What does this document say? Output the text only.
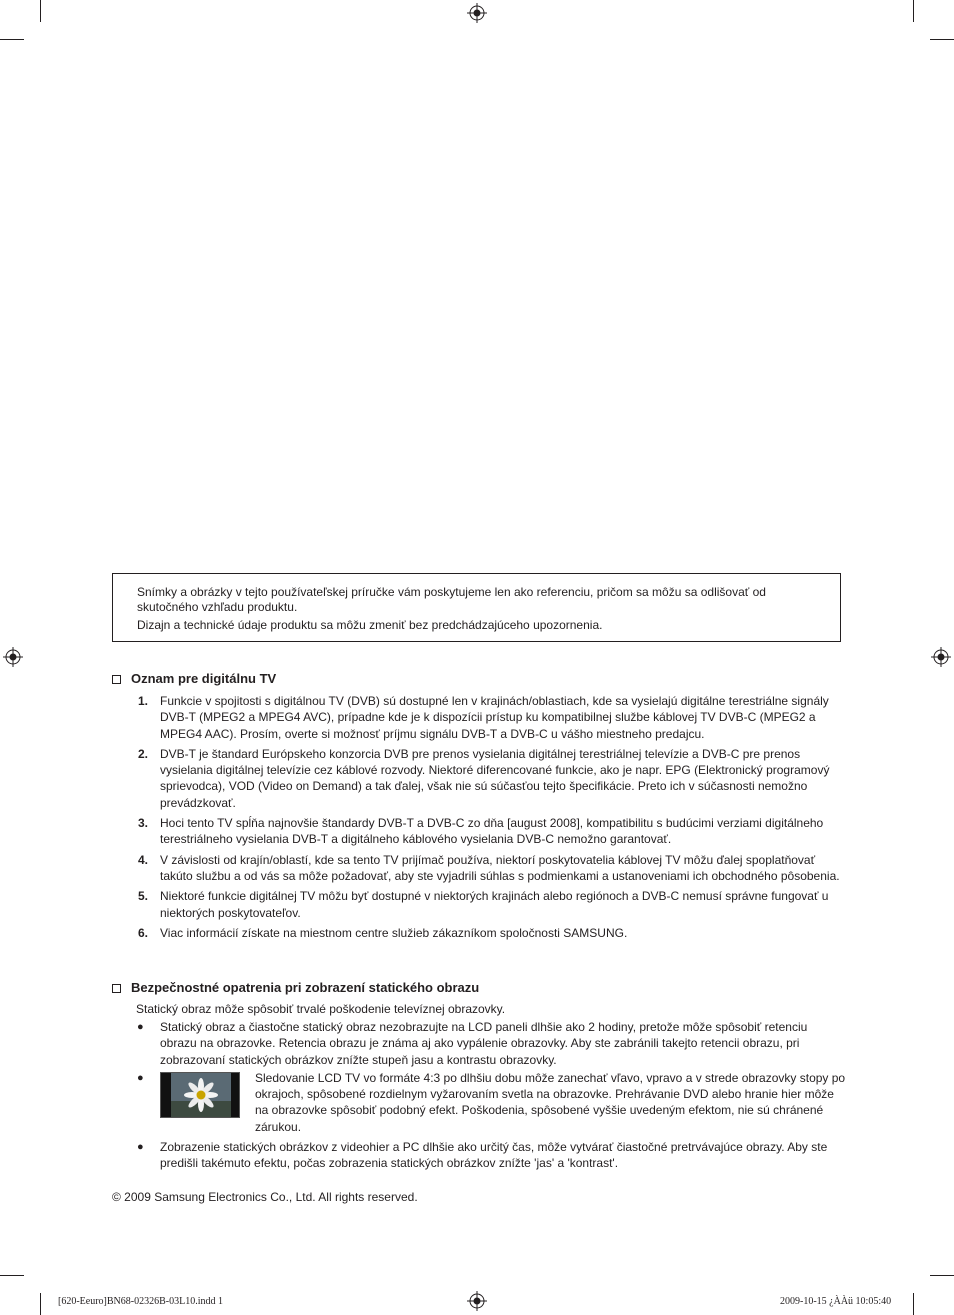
Snímky a obrázky v tejto používateľskej príručke vám poskytujeme len ako referenciu, pričom sa môžu sa odlišovať od skutočného vzhľadu produktu.

Dizajn a technické údaje produktu sa môžu zmeniť bez predchádzajúceho upozornenia.

Oznam pre digitálnu TV
1. Funkcie v spojitosti s digitálnou TV (DVB) sú dostupné len v krajinách/oblastiach, kde sa vysielajú digitálne terestriálne signály DVB-T (MPEG2 a MPEG4 AVC), prípadne kde je k dispozícii prístup ku kompatibilnej službe káblovej TV DVB-C (MPEG2 a MPEG4 AAC). Prosím, overte si možnosť príjmu signálu DVB-T a DVB-C u vášho miestneho predajcu.
2. DVB-T je štandard Európskeho konzorcia DVB pre prenos vysielania digitálnej terestriálnej televízie a DVB-C pre prenos vysielania digitálnej televízie cez káblové rozvody. Niektoré diferencované funkcie, ako je napr. EPG (Elektronický programový sprievodca), VOD (Video on Demand) a tak ďalej, však nie sú súčasťou tejto špecifikácie. Preto ich v súčasnosti nemožno prevádzkovať.
3. Hoci tento TV spĺňa najnovšie štandardy DVB-T a DVB-C zo dňa [august 2008], kompatibilitu s budúcimi verziami digitálneho terestriálneho vysielania DVB-T a digitálneho káblového vysielania DVB-C nemožno garantovať.
4. V závislosti od krajín/oblastí, kde sa tento TV prijímač používa, niektorí poskytovatelia káblovej TV môžu ďalej spoplatňovať takúto službu a od vás sa môže požadovať, aby ste vyjadrili súhlas s podmienkami a ustanoveniami ich obchodného pôsobenia.
5. Niektoré funkcie digitálnej TV môžu byť dostupné v niektorých krajinách alebo regiónoch a DVB-C nemusí správne fungovať u niektorých poskytovateľov.
6. Viac informácií získate na miestnom centre služieb zákazníkom spoločnosti SAMSUNG.
Bezpečnostné opatrenia pri zobrazení statického obrazu
Statický obraz môže spôsobiť trvalé poškodenie televíznej obrazovky.
● Statický obraz a čiastočne statický obraz nezobrazujte na LCD paneli dlhšie ako 2 hodiny, pretože môže spôsobiť retenciu obrazu na obrazovke. Retencia obrazu je známa aj ako vypálenie obrazovky. Aby ste zabránili takejto retencii obrazu, pri zobrazovaní statických obrázkov znížte stupeň jasu a kontrastu obrazovky.
●	Sledovanie LCD TV vo formáte 4:3 po dlhšiu dobu môže zanechať vľavo, vpravo a v strede obrazovky stopy po okrajoch, spôsobené rozdielnym vyžarovaním svetla na obrazovke. Prehrávanie DVD alebo hranie hier môže na obrazovke spôsobiť podobný efekt. Poškodenia, spôsobené vyššie uvedeným efektom, nie sú chránené zárukou.
● Zobrazenie statických obrázkov z videohier a PC dlhšie ako určitý čas, môže vytvárať čiastočné pretrvávajúce obrazy. Aby ste predišli takémuto efektu, počas zobrazenia statických obrázkov znížte 'jas' a 'kontrast'.
© 2009 Samsung Electronics Co., Ltd. All rights reserved.
[620-Eeuro]BN68-02326B-03L10.indd 1	2009-10-15 ¿ÀÀü 10:05:40
